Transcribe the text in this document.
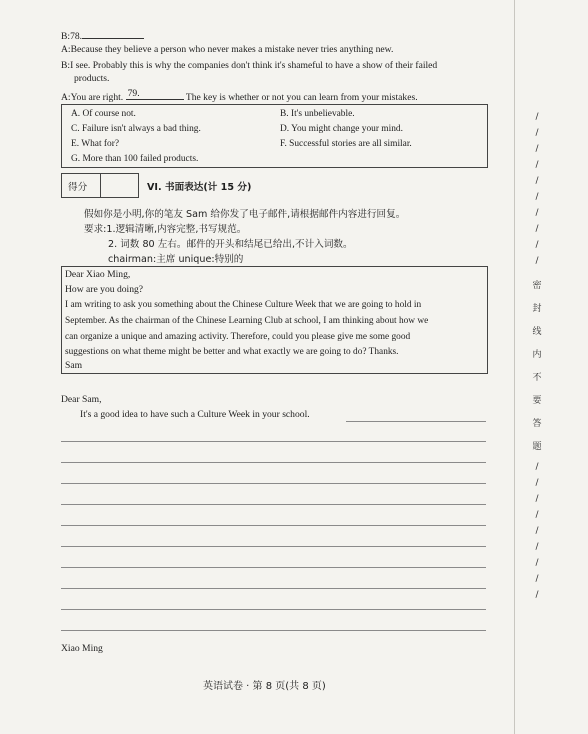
B:78.
A:Because they believe a person who never makes a mistake never tries anything new.
B:I see. Probably this is why the companies don't think it's shameful to have a show of their failed
products.
A:You are right. 79.	The key is whether or not you can learn from your mistakes.
A. Of course not.	B. It's unbelievable.
C. Failure isn't always a bad thing.	D. You might change your mind.
E. What for?	F. Successful stories are all similar.
G. More than 100 failed products.
得分	VI. 书面表达(计 15 分)
假如你是小明,你的笔友 Sam 给你发了电子邮件,请根据邮件内容进行回复。
要求:1.逻辑清晰,内容完整,书写规范。
2. 词数 80 左右。邮件的开头和结尾已给出,不计入词数。
chairman:主席 unique:特别的
Dear Xiao Ming,
How are you doing?
I am writing to ask you something about the Chinese Culture Week that we are going to hold in
September. As the chairman of the Chinese Learning Club at school, I am thinking about how we
can organize a unique and amazing activity. Therefore, could you please give me some good
suggestions on what theme might be better and what exactly we are going to do? Thanks.
Sam
Dear Sam,
It's a good idea to have such a Culture Week in your school.
Xiao Ming
英语试卷 · 第 8 页(共 8 页)
/
/
/
/
/
/
/
/
/
/
密
封
线
内
不
要
答
题
/
/
/
/
/
/
/
/
/
